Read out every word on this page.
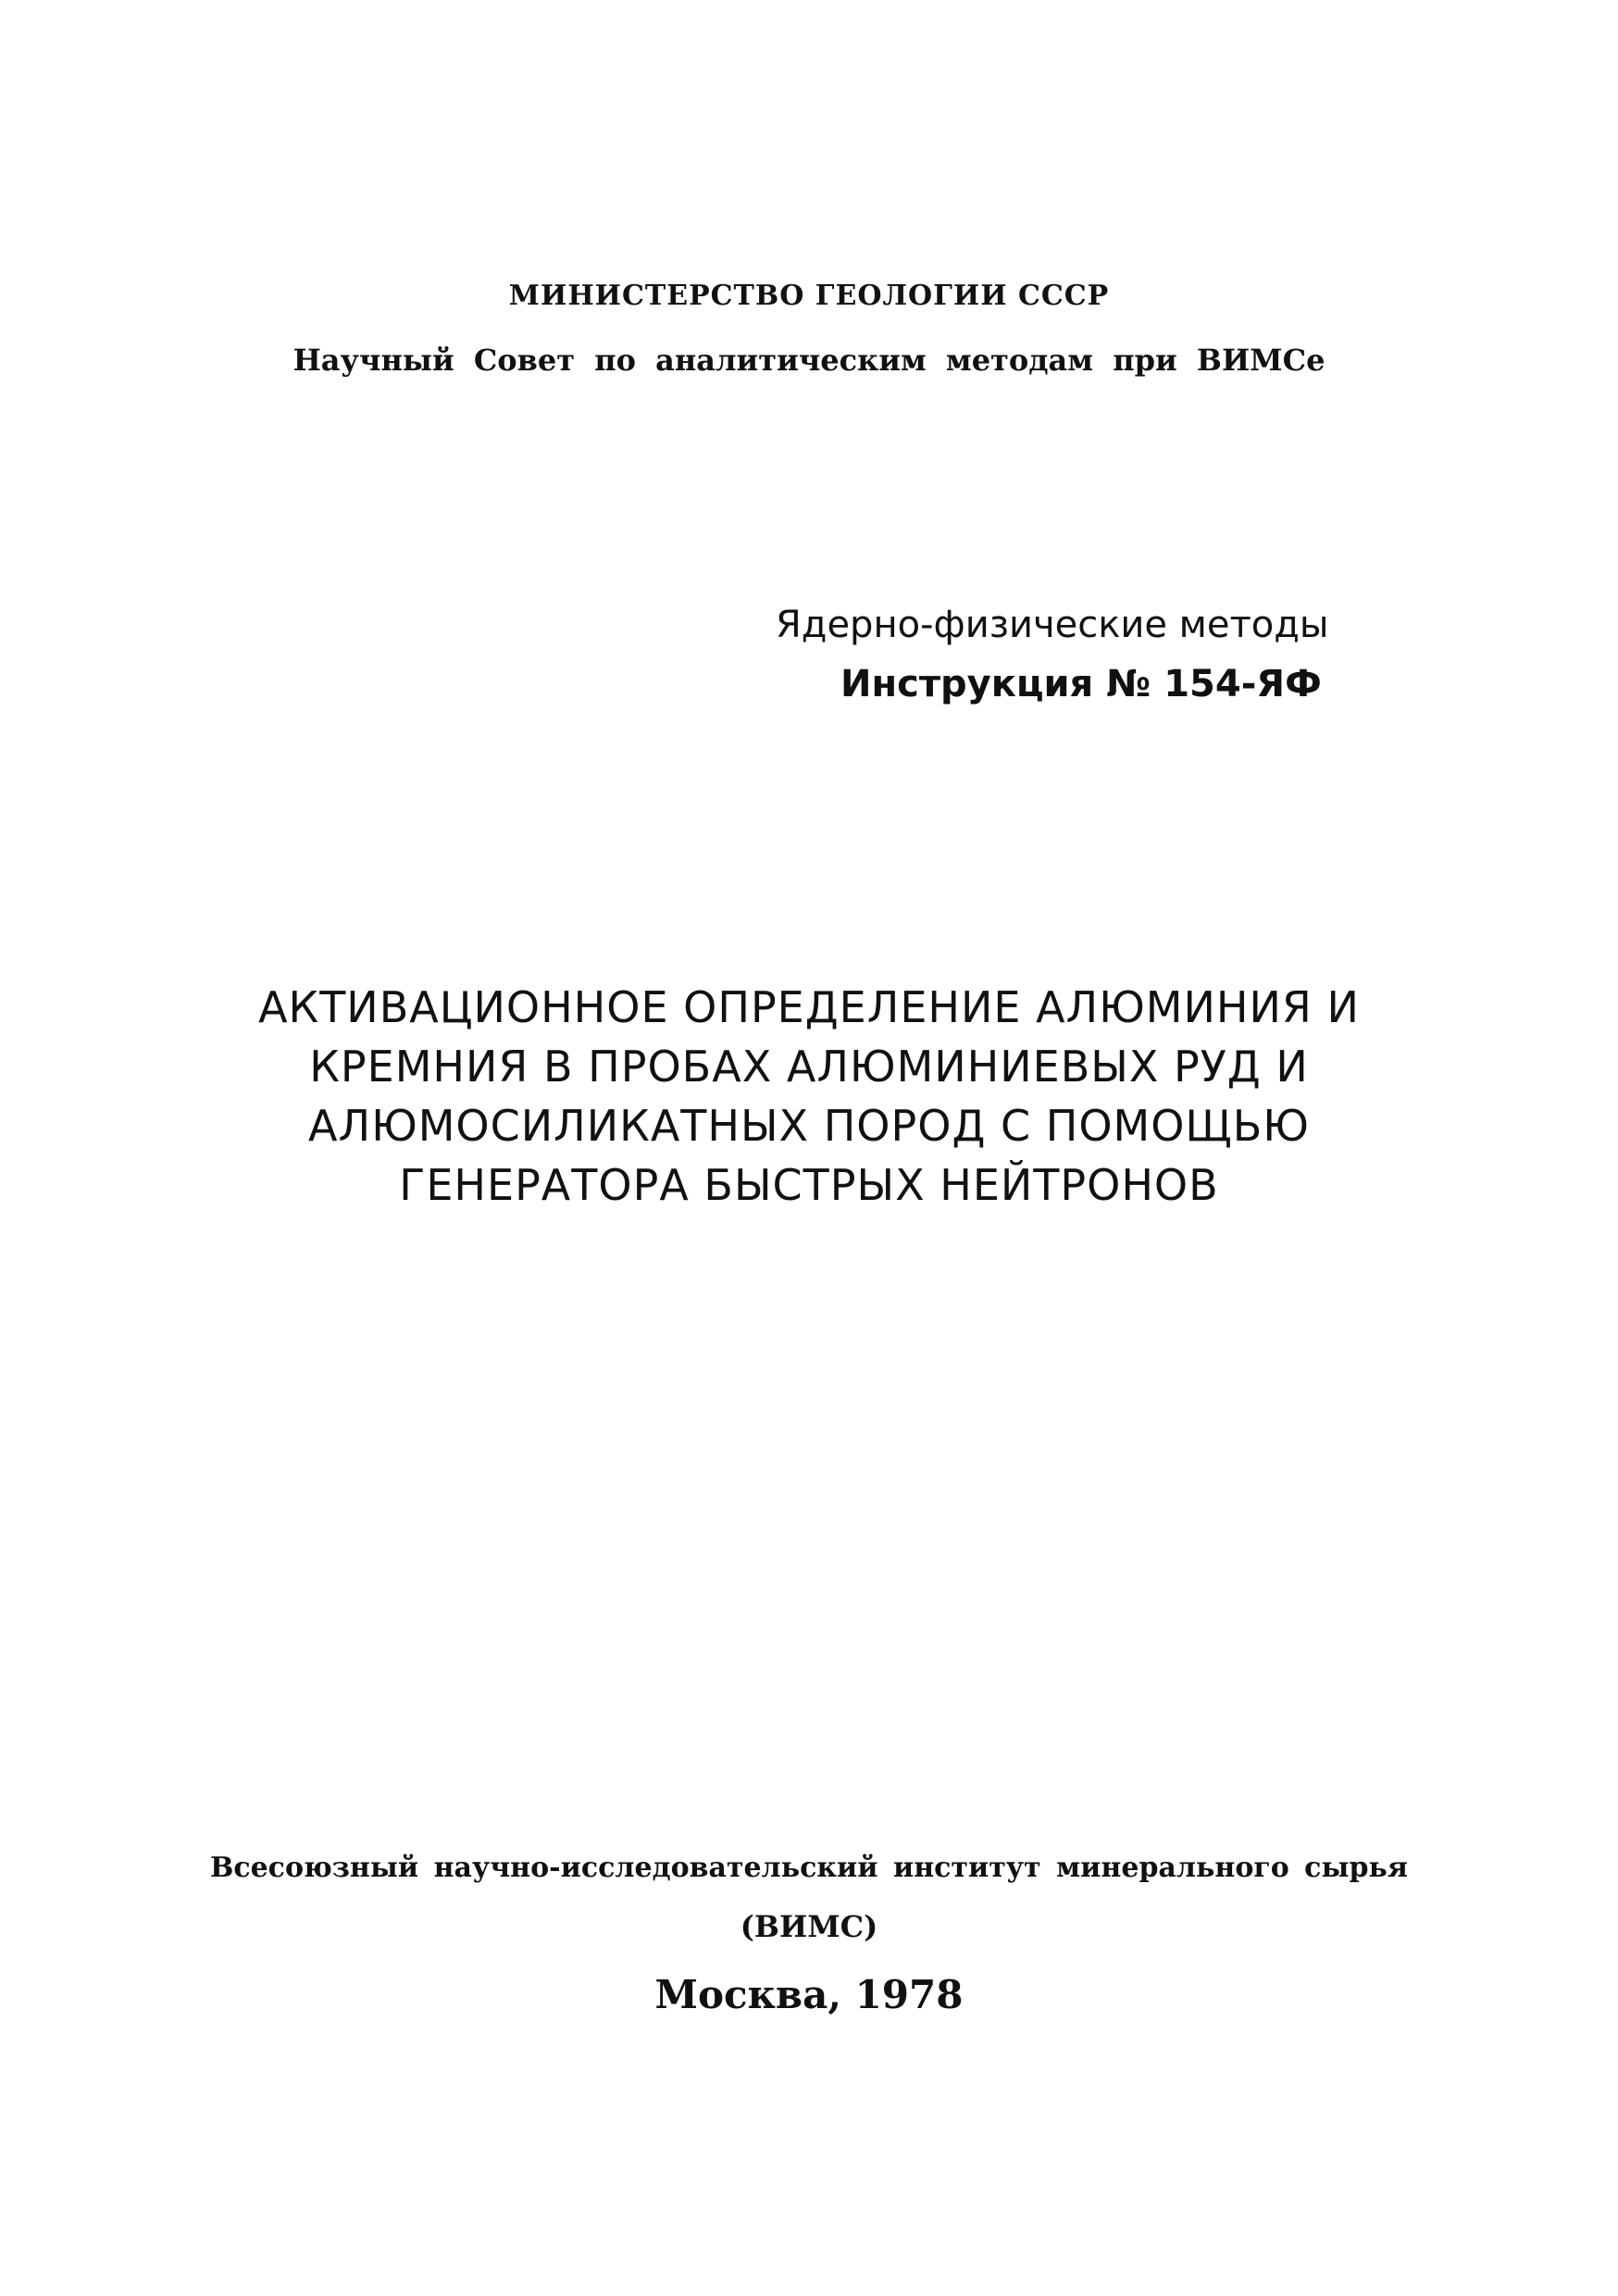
МИНИСТЕРСТВО ГЕОЛОГИИ СССР
Научный Совет по аналитическим методам при ВИМСе
Ядерно-физические методы
Инструкция № 154-ЯФ
АКТИВАЦИОННОЕ ОПРЕДЕЛЕНИЕ АЛЮМИНИЯ И
КРЕМНИЯ В ПРОБАХ АЛЮМИНИЕВЫХ РУД И
АЛЮМОСИЛИКАТНЫХ ПОРОД С ПОМОЩЬЮ
ГЕНЕРАТОРА БЫСТРЫХ НЕЙТРОНОВ
Всесоюзный научно-исследовательский институт минерального сырья
(ВИМС)
Москва, 1978
